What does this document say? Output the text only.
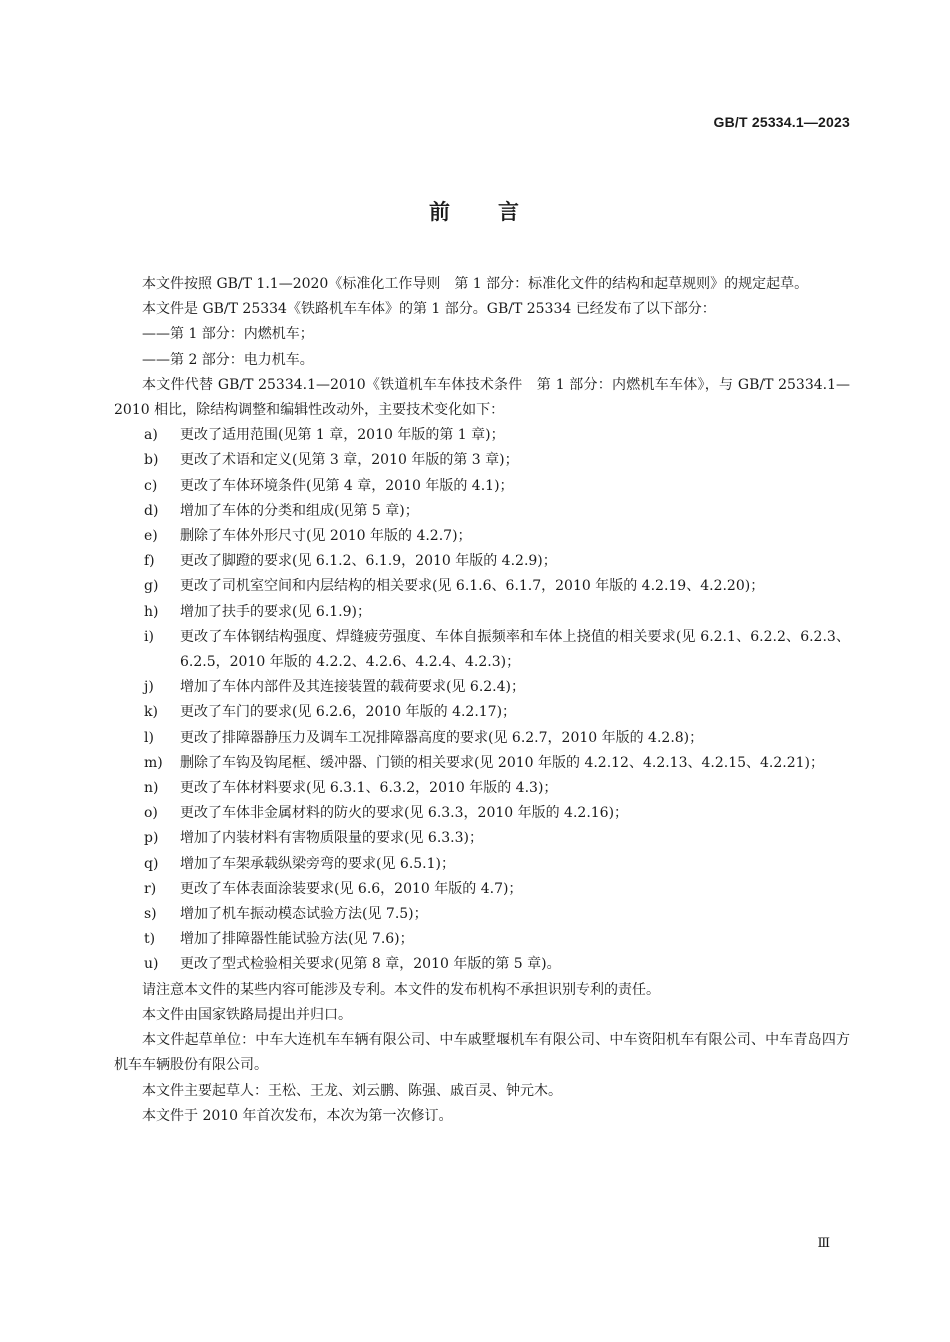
GB/T 25334.1—2023
前 言
本文件按照 GB/T 1.1—2020《标准化工作导则　第 1 部分：标准化文件的结构和起草规则》的规定起草。
本文件是 GB/T 25334《铁路机车车体》的第 1 部分。GB/T 25334 已经发布了以下部分：
——第 1 部分：内燃机车；
——第 2 部分：电力机车。
本文件代替 GB/T 25334.1—2010《铁道机车车体技术条件　第 1 部分：内燃机车车体》，与 GB/T 25334.1—2010 相比，除结构调整和编辑性改动外，主要技术变化如下：
a)	更改了适用范围(见第 1 章，2010 年版的第 1 章)；
b)	更改了术语和定义(见第 3 章，2010 年版的第 3 章)；
c)	更改了车体环境条件(见第 4 章，2010 年版的 4.1)；
d)	增加了车体的分类和组成(见第 5 章)；
e)	删除了车体外形尺寸(见 2010 年版的 4.2.7)；
f)	更改了脚蹬的要求(见 6.1.2、6.1.9，2010 年版的 4.2.9)；
g)	更改了司机室空间和内层结构的相关要求(见 6.1.6、6.1.7，2010 年版的 4.2.19、4.2.20)；
h)	增加了扶手的要求(见 6.1.9)；
i)	更改了车体钢结构强度、焊缝疲劳强度、车体自振频率和车体上挠值的相关要求(见 6.2.1、6.2.2、6.2.3、6.2.5，2010 年版的 4.2.2、4.2.6、4.2.4、4.2.3)；
j)	增加了车体内部件及其连接装置的载荷要求(见 6.2.4)；
k)	更改了车门的要求(见 6.2.6，2010 年版的 4.2.17)；
l)	更改了排障器静压力及调车工况排障器高度的要求(见 6.2.7，2010 年版的 4.2.8)；
m)	删除了车钩及钩尾框、缓冲器、门锁的相关要求(见 2010 年版的 4.2.12、4.2.13、4.2.15、4.2.21)；
n)	更改了车体材料要求(见 6.3.1、6.3.2，2010 年版的 4.3)；
o)	更改了车体非金属材料的防火的要求(见 6.3.3，2010 年版的 4.2.16)；
p)	增加了内装材料有害物质限量的要求(见 6.3.3)；
q)	增加了车架承载纵梁旁弯的要求(见 6.5.1)；
r)	更改了车体表面涂装要求(见 6.6，2010 年版的 4.7)；
s)	增加了机车振动模态试验方法(见 7.5)；
t)	增加了排障器性能试验方法(见 7.6)；
u)	更改了型式检验相关要求(见第 8 章，2010 年版的第 5 章)。
请注意本文件的某些内容可能涉及专利。本文件的发布机构不承担识别专利的责任。
本文件由国家铁路局提出并归口。
本文件起草单位：中车大连机车车辆有限公司、中车戚墅堰机车有限公司、中车资阳机车有限公司、中车青岛四方机车车辆股份有限公司。
本文件主要起草人：王松、王龙、刘云鹏、陈强、戚百灵、钟元木。
本文件于 2010 年首次发布，本次为第一次修订。
Ⅲ
